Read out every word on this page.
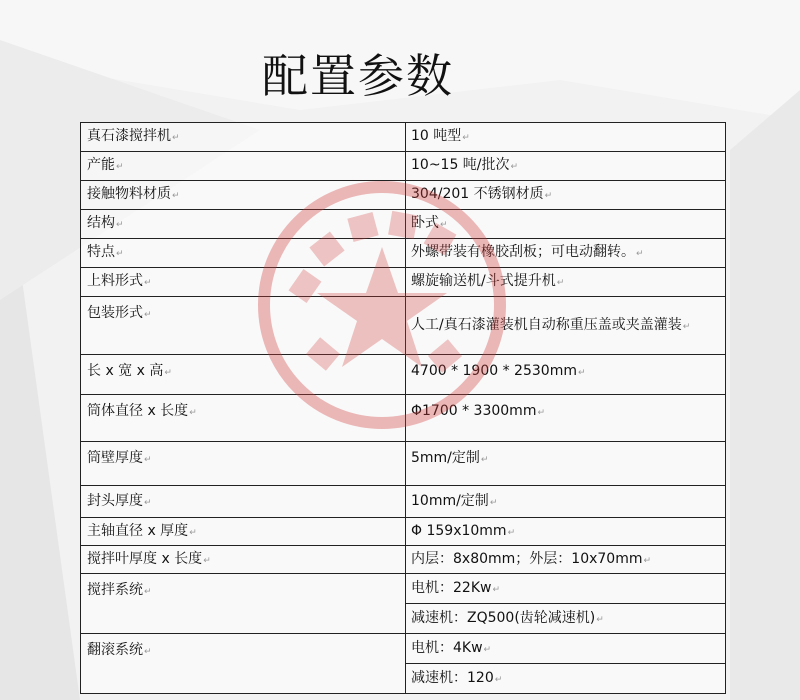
配置参数
真石漆搅拌机↵	10 吨型↵
产能↵	10~15 吨/批次↵
接触物料材质↵	304/201 不锈钢材质↵
结构↵	卧式↵
特点↵	外螺带装有橡胶刮板；可电动翻转。↵
上料形式↵	螺旋输送机/斗式提升机↵
包装形式↵	人工/真石漆灌装机自动称重压盖或夹盖灌装↵
长 x 宽 x 高↵	4700 * 1900 * 2530mm↵
筒体直径 x 长度↵	Φ1700 * 3300mm↵
筒壁厚度↵	5mm/定制↵
封头厚度↵	10mm/定制↵
主轴直径 x 厚度↵	Φ 159x10mm↵
搅拌叶厚度 x 长度↵	内层：8x80mm；外层：10x70mm↵
搅拌系统↵	电机：22Kw↵
	减速机：ZQ500(齿轮减速机)↵
翻滚系统↵	电机：4Kw↵
	减速机：120↵
